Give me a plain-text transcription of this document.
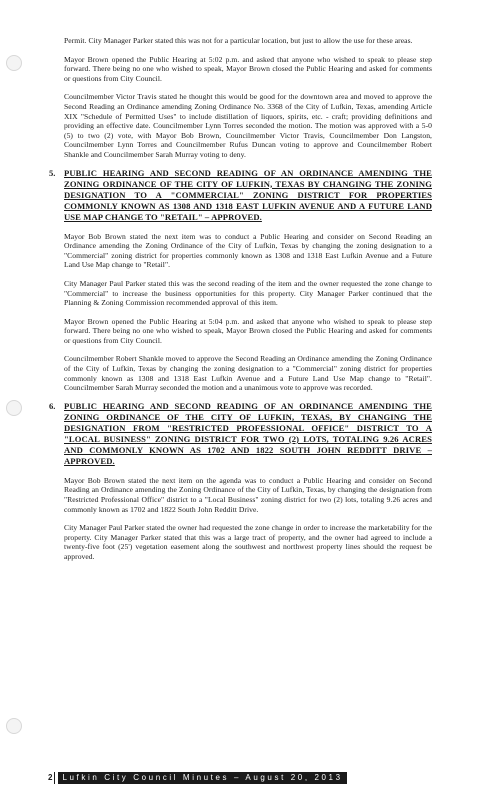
Permit. City Manager Parker stated this was not for a particular location, but just to allow the use for these areas.

Mayor Brown opened the Public Hearing at 5:02 p.m. and asked that anyone who wished to speak to please step forward. There being no one who wished to speak, Mayor Brown closed the Public Hearing and asked for comments or questions from City Council.

Councilmember Victor Travis stated he thought this would be good for the downtown area and moved to approve the Second Reading an Ordinance amending Zoning Ordinance No. 3368 of the City of Lufkin, Texas, amending Article XIX "Schedule of Permitted Uses" to include distillation of liquors, spirits, etc. - craft; providing definitions and providing an effective date. Councilmember Lynn Torres seconded the motion. The motion was approved with a 5-0 (5) to two (2) vote, with Mayor Bob Brown, Councilmember Victor Travis, Councilmember Don Langston, Councilmember Lynn Torres and Councilmember Rufus Duncan voting to approve and Councilmember Robert Shankle and Councilmember Sarah Murray voting to deny.

5. PUBLIC HEARING AND SECOND READING OF AN ORDINANCE AMENDING THE ZONING ORDINANCE OF THE CITY OF LUFKIN, TEXAS BY CHANGING THE ZONING DESIGNATION TO A "COMMERCIAL" ZONING DISTRICT FOR PROPERTIES COMMONLY KNOWN AS 1308 AND 1318 EAST LUFKIN AVENUE AND A FUTURE LAND USE MAP CHANGE TO "RETAIL" – APPROVED.

Mayor Bob Brown stated the next item was to conduct a Public Hearing and consider on Second Reading an Ordinance amending the Zoning Ordinance of the City of Lufkin, Texas by changing the zoning designation to a "Commercial" zoning district for properties commonly known as 1308 and 1318 East Lufkin Avenue and a Future Land Use Map change to "Retail".

City Manager Paul Parker stated this was the second reading of the item and the owner requested the zone change to "Commercial" to increase the business opportunities for this property. City Manager Parker continued that the Planning & Zoning Commission recommended approval of this item.

Mayor Brown opened the Public Hearing at 5:04 p.m. and asked that anyone who wished to speak to please step forward. There being no one who wished to speak, Mayor Brown closed the Public Hearing and asked for comments or questions from City Council.

Councilmember Robert Shankle moved to approve the Second Reading an Ordinance amending the Zoning Ordinance of the City of Lufkin, Texas by changing the zoning designation to a "Commercial" zoning district for properties commonly known as 1308 and 1318 East Lufkin Avenue and a Future Land Use Map change to "Retail". Councilmember Sarah Murray seconded the motion and a unanimous vote to approve was recorded.

6. PUBLIC HEARING AND SECOND READING OF AN ORDINANCE AMENDING THE ZONING ORDINANCE OF THE CITY OF LUFKIN, TEXAS, BY CHANGING THE DESIGNATION FROM "RESTRICTED PROFESSIONAL OFFICE" DISTRICT TO A "LOCAL BUSINESS" ZONING DISTRICT FOR TWO (2) LOTS, TOTALING 9.26 ACRES AND COMMONLY KNOWN AS 1702 AND 1822 SOUTH JOHN REDDITT DRIVE – APPROVED.

Mayor Bob Brown stated the next item on the agenda was to conduct a Public Hearing and consider on Second Reading an Ordinance amending the Zoning Ordinance of the City of Lufkin, Texas, by changing the designation from "Restricted Professional Office" district to a "Local Business" zoning district for two (2) lots, totaling 9.26 acres and commonly known as 1702 and 1822 South John Redditt Drive.

City Manager Paul Parker stated the owner had requested the zone change in order to increase the marketability for the property. City Manager Parker stated that this was a large tract of property, and the owner had agreed to include a twenty-five foot (25') vegetation easement along the southwest and northwest property lines should the request be approved.

2	Lufkin City Council Minutes – August 20, 2013
